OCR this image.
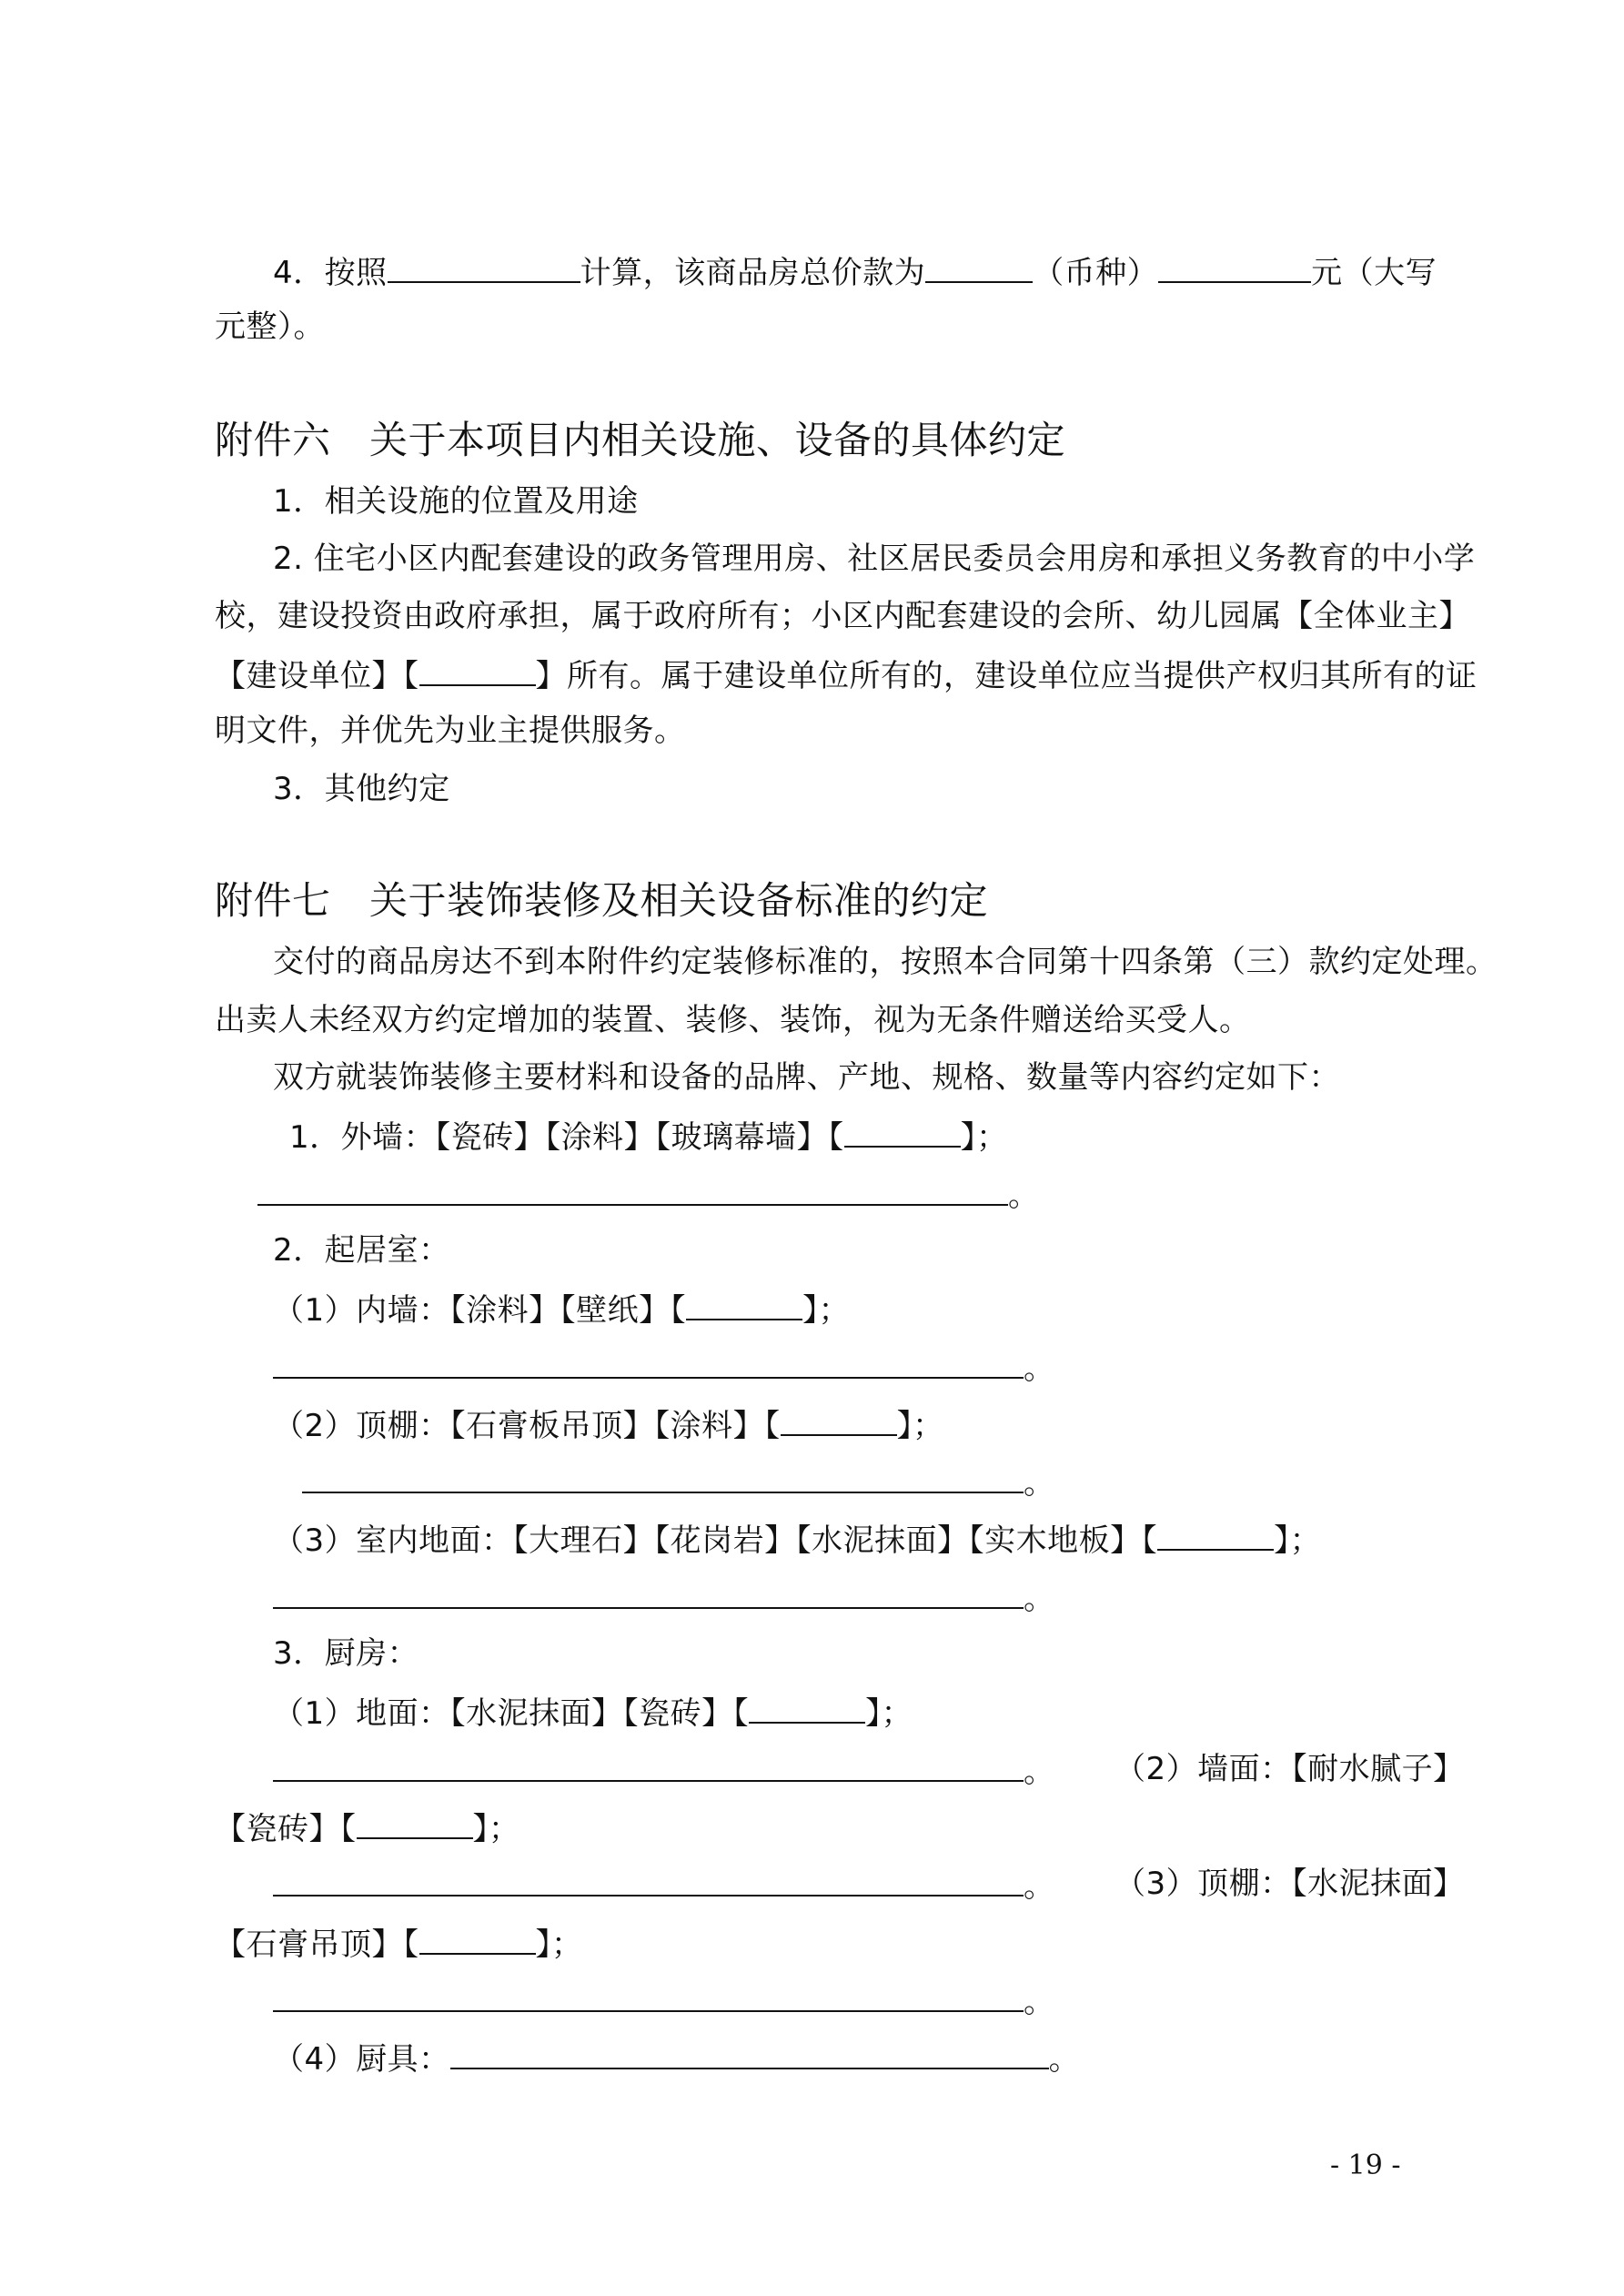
4．按照	计算，该商品房总价款为	（币种）	元（大写
元整）。
附件六　关于本项目内相关设施、设备的具体约定
1．相关设施的位置及用途
2. 住宅小区内配套建设的政务管理用房、社区居民委员会用房和承担义务教育的中小学
校，建设投资由政府承担，属于政府所有；小区内配套建设的会所、幼儿园属【全体业主】
【建设单位】【	】所有。属于建设单位所有的，建设单位应当提供产权归其所有的证
明文件，并优先为业主提供服务。
3．其他约定
附件七　关于装饰装修及相关设备标准的约定
交付的商品房达不到本附件约定装修标准的，按照本合同第十四条第（三）款约定处理。
出卖人未经双方约定增加的装置、装修、装饰，视为无条件赠送给买受人。
双方就装饰装修主要材料和设备的品牌、产地、规格、数量等内容约定如下：
1．外墙：【瓷砖】【涂料】【玻璃幕墙】【	】；
。
2．起居室：
（1）内墙：【涂料】【壁纸】【	】；
。
（2）顶棚：【石膏板吊顶】【涂料】【	】；
。
（3）室内地面：【大理石】【花岗岩】【水泥抹面】【实木地板】【	】；
。
3．厨房：
（1）地面：【水泥抹面】【瓷砖】【	】；
。 （2）墙面：【耐水腻子】
【瓷砖】【	】；
。 （3）顶棚：【水泥抹面】
【石膏吊顶】【	】；
。
（4）厨具：	。
- 19 -
